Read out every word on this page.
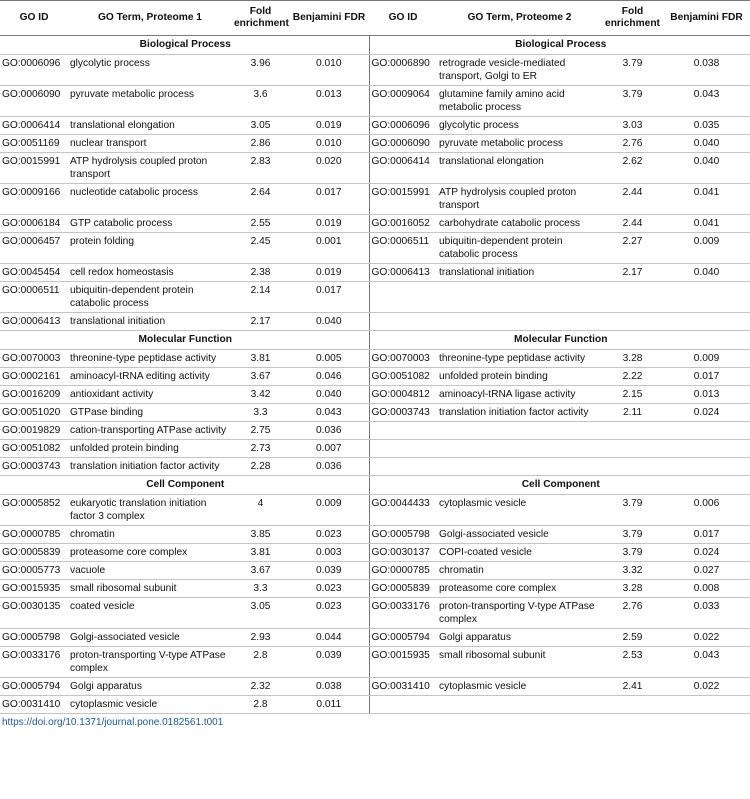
GO ID	GO Term, Proteome 1	Fold enrichment	Benjamini FDR	GO ID	GO Term, Proteome 2	Fold enrichment	Benjamini FDR
Biological Process				Biological Process			
GO:0006096	glycolytic process	3.96	0.010	GO:0006890	retrograde vesicle-mediated transport, Golgi to ER	3.79	0.038
GO:0006090	pyruvate metabolic process	3.6	0.013	GO:0009064	glutamine family amino acid metabolic process	3.79	0.043
GO:0006414	translational elongation	3.05	0.019	GO:0006096	glycolytic process	3.03	0.035
GO:0051169	nuclear transport	2.86	0.010	GO:0006090	pyruvate metabolic process	2.76	0.040
GO:0015991	ATP hydrolysis coupled proton transport	2.83	0.020	GO:0006414	translational elongation	2.62	0.040
GO:0009166	nucleotide catabolic process	2.64	0.017	GO:0015991	ATP hydrolysis coupled proton transport	2.44	0.041
GO:0006184	GTP catabolic process	2.55	0.019	GO:0016052	carbohydrate catabolic process	2.44	0.041
GO:0006457	protein folding	2.45	0.001	GO:0006511	ubiquitin-dependent protein catabolic process	2.27	0.009
GO:0045454	cell redox homeostasis	2.38	0.019	GO:0006413	translational initiation	2.17	0.040
GO:0006511	ubiquitin-dependent protein catabolic process	2.14	0.017				
GO:0006413	translational initiation	2.17	0.040				
Molecular Function				Molecular Function			
GO:0070003	threonine-type peptidase activity	3.81	0.005	GO:0070003	threonine-type peptidase activity	3.28	0.009
GO:0002161	aminoacyl-tRNA editing activity	3.67	0.046	GO:0051082	unfolded protein binding	2.22	0.017
GO:0016209	antioxidant activity	3.42	0.040	GO:0004812	aminoacyl-tRNA ligase activity	2.15	0.013
GO:0051020	GTPase binding	3.3	0.043	GO:0003743	translation initiation factor activity	2.11	0.024
GO:0019829	cation-transporting ATPase activity	2.75	0.036				
GO:0051082	unfolded protein binding	2.73	0.007				
GO:0003743	translation initiation factor activity	2.28	0.036				
Cell Component				Cell Component			
GO:0005852	eukaryotic translation initiation factor 3 complex	4	0.009	GO:0044433	cytoplasmic vesicle	3.79	0.006
GO:0000785	chromatin	3.85	0.023	GO:0005798	Golgi-associated vesicle	3.79	0.017
GO:0005839	proteasome core complex	3.81	0.003	GO:0030137	COPI-coated vesicle	3.79	0.024
GO:0005773	vacuole	3.67	0.039	GO:0000785	chromatin	3.32	0.027
GO:0015935	small ribosomal subunit	3.3	0.023	GO:0005839	proteasome core complex	3.28	0.008
GO:0030135	coated vesicle	3.05	0.023	GO:0033176	proton-transporting V-type ATPase complex	2.76	0.033
GO:0005798	Golgi-associated vesicle	2.93	0.044	GO:0005794	Golgi apparatus	2.59	0.022
GO:0033176	proton-transporting V-type ATPase complex	2.8	0.039	GO:0015935	small ribosomal subunit	2.53	0.043
GO:0005794	Golgi apparatus	2.32	0.038	GO:0031410	cytoplasmic vesicle	2.41	0.022
GO:0031410	cytoplasmic vesicle	2.8	0.011				
https://doi.org/10.1371/journal.pone.0182561.t001
